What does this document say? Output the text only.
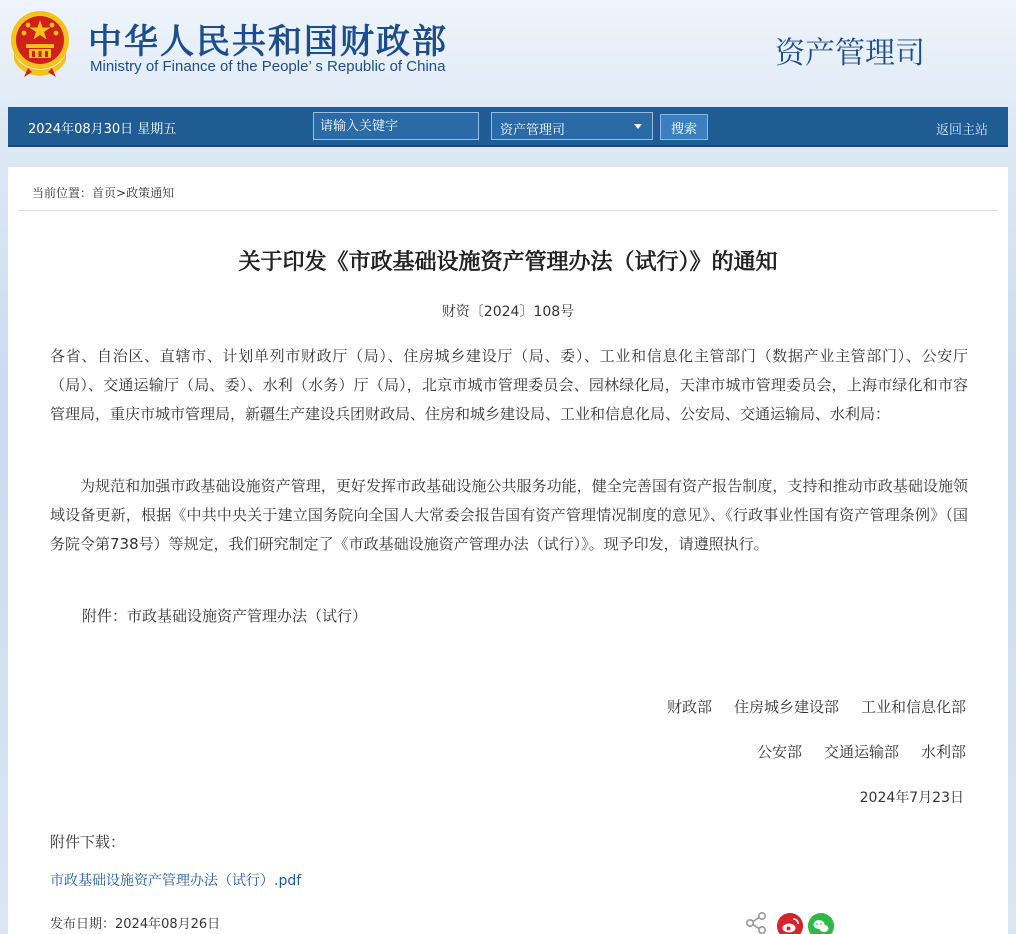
中华人民共和国财政部
Ministry of Finance of the People’ s Republic of China	资产管理司
2024年08月30日 星期五
请输入关键字	资产管理司	搜索	返回主站
当前位置：首页>政策通知
关于印发《市政基础设施资产管理办法（试行）》的通知
财资〔2024〕108号
各省、自治区、直辖市、计划单列市财政厅（局）、住房城乡建设厅（局、委）、工业和信息化主管部门（数据产业主管部门）、公安厅（局）、交通运输厅（局、委）、水利（水务）厅（局），北京市城市管理委员会、园林绿化局，天津市城市管理委员会，上海市绿化和市容管理局，重庆市城市管理局，新疆生产建设兵团财政局、住房和城乡建设局、工业和信息化局、公安局、交通运输局、水利局：
为规范和加强市政基础设施资产管理，更好发挥市政基础设施公共服务功能，健全完善国有资产报告制度，支持和推动市政基础设施领域设备更新，根据《中共中央关于建立国务院向全国人大常委会报告国有资产管理情况制度的意见》、《行政事业性国有资产管理条例》（国务院令第738号）等规定，我们研究制定了《市政基础设施资产管理办法（试行）》。现予印发，请遵照执行。
附件：市政基础设施资产管理办法（试行）
财政部 住房城乡建设部 工业和信息化部
公安部 交通运输部 水利部
2024年7月23日
附件下载：
市政基础设施资产管理办法（试行）.pdf
发布日期：2024年08月26日
